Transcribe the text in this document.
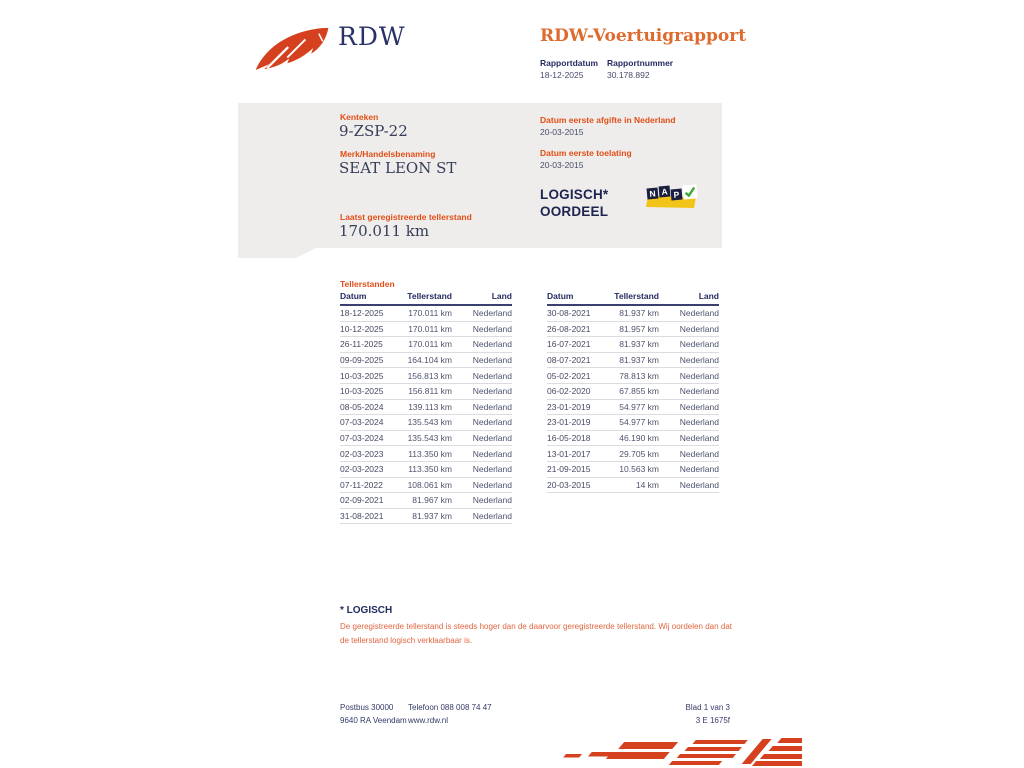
RDW	RDW-Voertuigrapport
Rapportdatum Rapportnummer
18-12-2025	30.178.892
Kenteken
9-ZSP-22
Merk/Handelsbenaming
SEAT LEON ST
Laatst geregistreerde tellerstand
170.011 km
Datum eerste afgifte in Nederland
20-03-2015
Datum eerste toelating
20-03-2015
LOGISCH*
OORDEEL
N A P
Tellerstanden
Datum	Tellerstand	Land
18-12-2025	170.011 km	Nederland
10-12-2025	170.011 km	Nederland
26-11-2025	170.011 km	Nederland
09-09-2025	164.104 km	Nederland
10-03-2025	156.813 km	Nederland
10-03-2025	156.811 km	Nederland
08-05-2024	139.113 km	Nederland
07-03-2024	135.543 km	Nederland
07-03-2024	135.543 km	Nederland
02-03-2023	113.350 km	Nederland
02-03-2023	113.350 km	Nederland
07-11-2022	108.061 km	Nederland
02-09-2021	81.967 km	Nederland
31-08-2021	81.937 km	Nederland
Datum	Tellerstand	Land
30-08-2021	81.937 km	Nederland
26-08-2021	81.957 km	Nederland
16-07-2021	81.937 km	Nederland
08-07-2021	81.937 km	Nederland
05-02-2021	78.813 km	Nederland
06-02-2020	67.855 km	Nederland
23-01-2019	54.977 km	Nederland
23-01-2019	54.977 km	Nederland
16-05-2018	46.190 km	Nederland
13-01-2017	29.705 km	Nederland
21-09-2015	10.563 km	Nederland
20-03-2015	14 km	Nederland
* LOGISCH
De geregistreerde tellerstand is steeds hoger dan de daarvoor geregistreerde tellerstand. Wij oordelen dan dat de tellerstand logisch verklaarbaar is.
Postbus 30000
9640 RA Veendam
Telefoon 088 008 74 47
www.rdw.nl
Blad 1 van 3
3 E 1675f
